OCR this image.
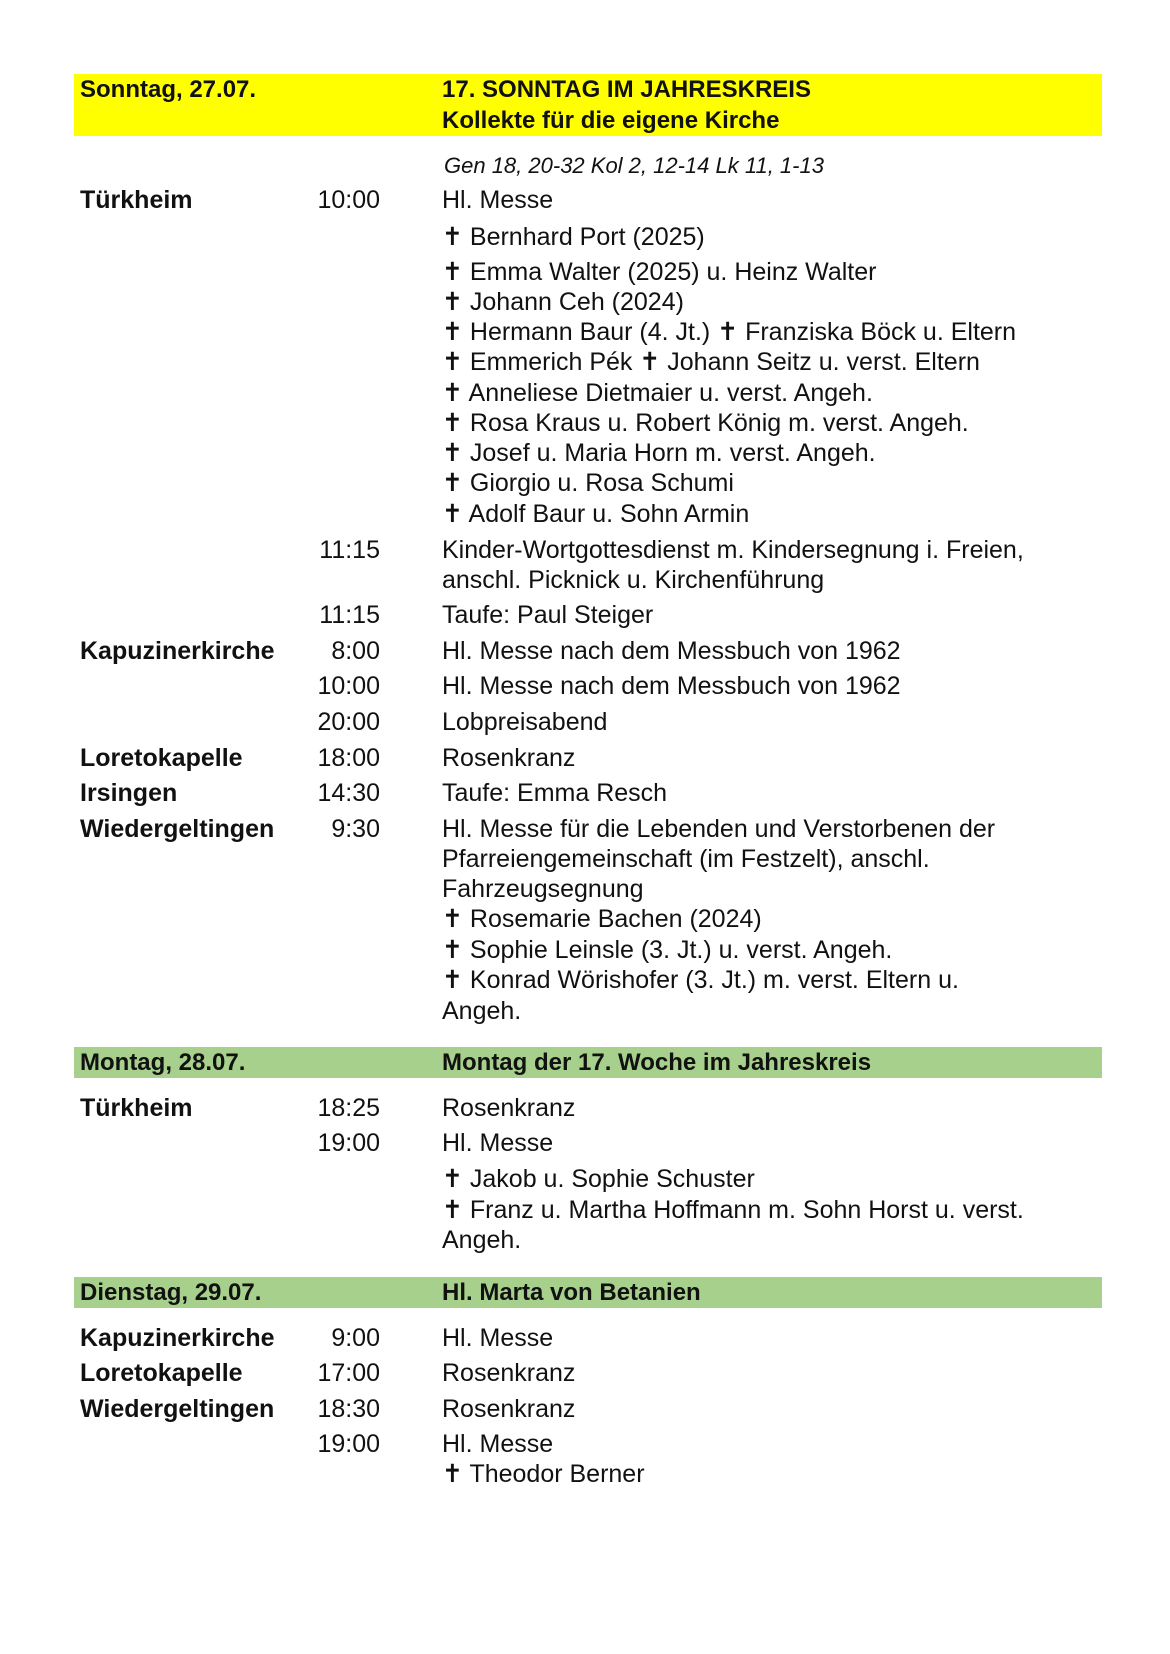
Sonntag, 27.07.	17. SONNTAG IM JAHRESKREIS
Kollekte für die eigene Kirche
Gen 18, 20-32 Kol 2, 12-14 Lk 11, 1-13
Türkheim	10:00 Hl. Messe
✝ Bernhard Port (2025)
✝ Emma Walter (2025) u. Heinz Walter
✝ Johann Ceh (2024)
✝ Hermann Baur (4. Jt.) ✝ Franziska Böck u. Eltern
✝ Emmerich Pék ✝ Johann Seitz u. verst. Eltern
✝ Anneliese Dietmaier u. verst. Angeh.
✝ Rosa Kraus u. Robert König m. verst. Angeh.
✝ Josef u. Maria Horn m. verst. Angeh.
✝ Giorgio u. Rosa Schumi
✝ Adolf Baur u. Sohn Armin
11:15 Kinder-Wortgottesdienst m. Kindersegnung i. Freien,
anschl. Picknick u. Kirchenführung
11:15 Taufe: Paul Steiger
Kapuzinerkirche	8:00 Hl. Messe nach dem Messbuch von 1962
10:00 Hl. Messe nach dem Messbuch von 1962
20:00 Lobpreisabend
Loretokapelle	18:00 Rosenkranz
Irsingen	14:30 Taufe: Emma Resch
Wiedergeltingen	9:30 Hl. Messe für die Lebenden und Verstorbenen der
Pfarreiengemeinschaft (im Festzelt), anschl.
Fahrzeugsegnung
✝ Rosemarie Bachen (2024)
✝ Sophie Leinsle (3. Jt.) u. verst. Angeh.
✝ Konrad Wörishofer (3. Jt.) m. verst. Eltern u.
Angeh.
Montag, 28.07.	Montag der 17. Woche im Jahreskreis
Türkheim	18:25 Rosenkranz
19:00 Hl. Messe
✝ Jakob u. Sophie Schuster
✝ Franz u. Martha Hoffmann m. Sohn Horst u. verst.
Angeh.
Dienstag, 29.07.	Hl. Marta von Betanien
Kapuzinerkirche	9:00 Hl. Messe
Loretokapelle	17:00 Rosenkranz
Wiedergeltingen	18:30 Rosenkranz
19:00 Hl. Messe
✝ Theodor Berner
